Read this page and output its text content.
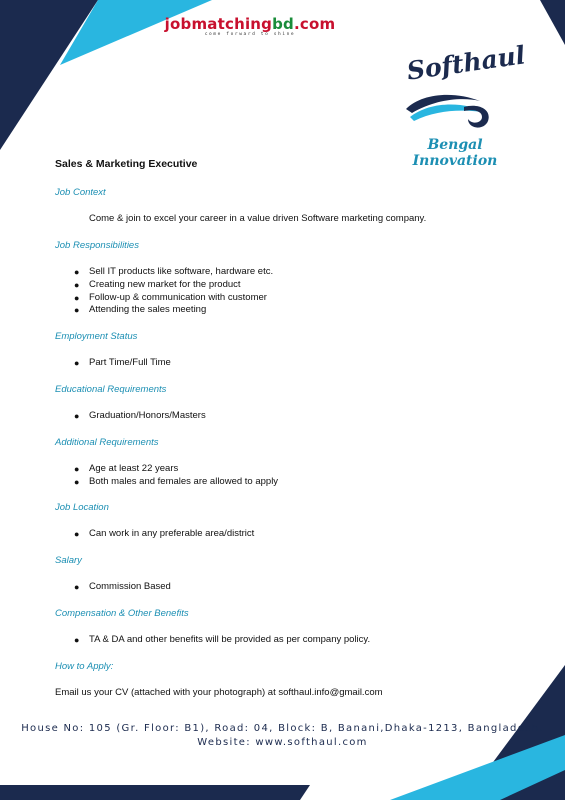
jobmatchingbd.com
come forward to shine
Softhaul
Bengal Innovation
Sales & Marketing Executive
Job Context
Come & join to excel your career in a value driven Software marketing company.
Job Responsibilities
● Sell IT products like software, hardware etc.
● Creating new market for the product
● Follow-up & communication with customer
● Attending the sales meeting
Employment Status
● Part Time/Full Time
Educational Requirements
● Graduation/Honors/Masters
Additional Requirements
● Age at least 22 years
● Both males and females are allowed to apply
Job Location
● Can work in any preferable area/district
Salary
● Commission Based
Compensation & Other Benefits
● TA & DA and other benefits will be provided as per company policy.
How to Apply:
Email us your CV (attached with your photograph) at softhaul.info@gmail.com
House No: 105 (Gr. Floor: B1), Road: 04, Block: B, Banani,Dhaka-1213, Bangladesh.
Website: www.softhaul.com
